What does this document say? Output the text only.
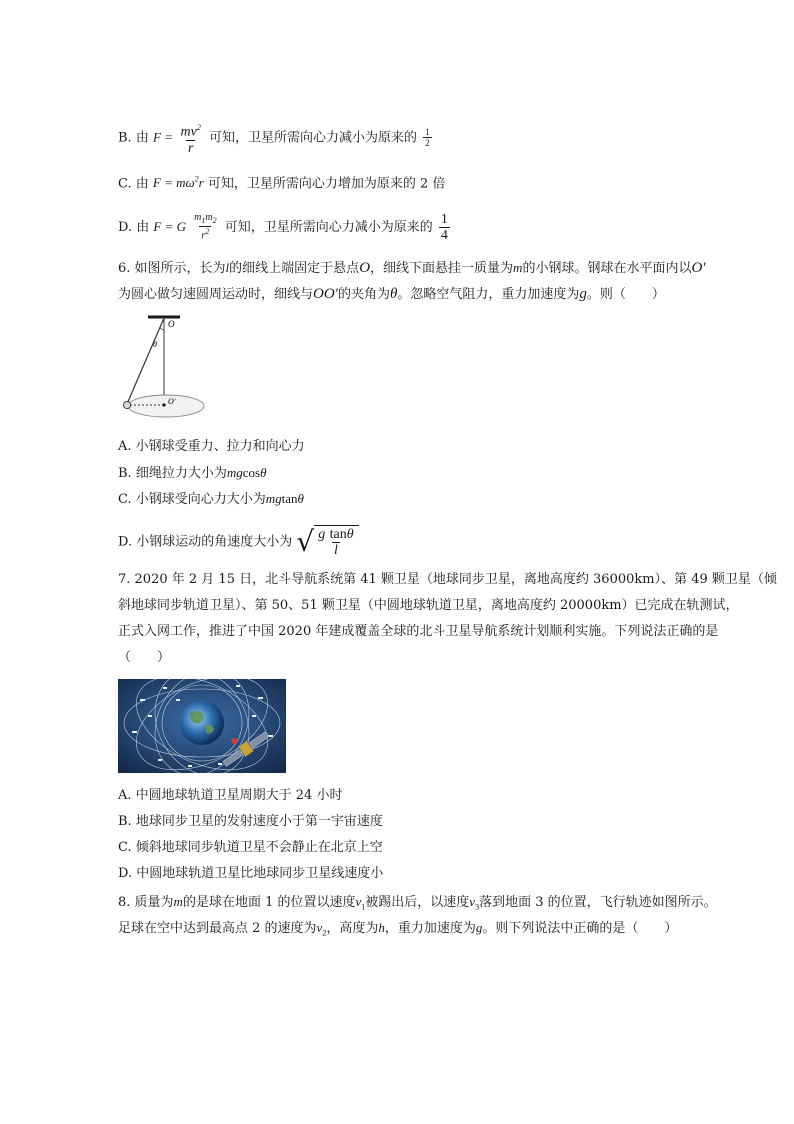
B. 由 $F = \frac{mv^2}{r}$ 可知，卫星所需向心力减小为原来的 $\frac{1}{2}$
C. 由 $F = m\omega^2r$ 可知，卫星所需向心力增加为原来的 2 倍
D. 由 F = G $\frac{m_1m_2}{r^2}$ 可知，卫星所需向心力减小为原来的 $\frac{1}{4}$
6. 如图所示，长为l的细线上端固定于悬点O，细线下面悬挂一质量为m的小钢球。钢球在水平面内以O′
为圆心做匀速圆周运动时，细线与OO′的夹角为θ。忽略空气阻力，重力加速度为g。则（　　）
O
θ
O′
A. 小钢球受重力、拉力和向心力
B. 细绳拉力大小为mgcosθ
C. 小钢球受向心力大小为mgtanθ
D. 小钢球运动的角速度大小为 √ $\frac{\text{g tanθ}}{l}$
7. 2020 年 2 月 15 日，北斗导航系统第 41 颗卫星（地球同步卫星，离地高度约 36000km）、第 49 颗卫星（倾
斜地球同步轨道卫星）、第 50、51 颗卫星（中圆地球轨道卫星，离地高度约 20000km）已完成在轨测试，
正式入网工作，推进了中国 2020 年建成覆盖全球的北斗卫星导航系统计划顺利实施。下列说法正确的是
（　　）
A. 中圆地球轨道卫星周期大于 24 小时
B. 地球同步卫星的发射速度小于第一宇宙速度
C. 倾斜地球同步轨道卫星不会静止在北京上空
D. 中圆地球轨道卫星比地球同步卫星线速度小
8. 质量为m的是球在地面 1 的位置以速度$v_1$被踢出后，以速度$v_3$落到地面 3 的位置，飞行轨迹如图所示。
足球在空中达到最高点 2 的速度为$v_2$，高度为h，重力加速度为g。则下列说法中正确的是（　　）
